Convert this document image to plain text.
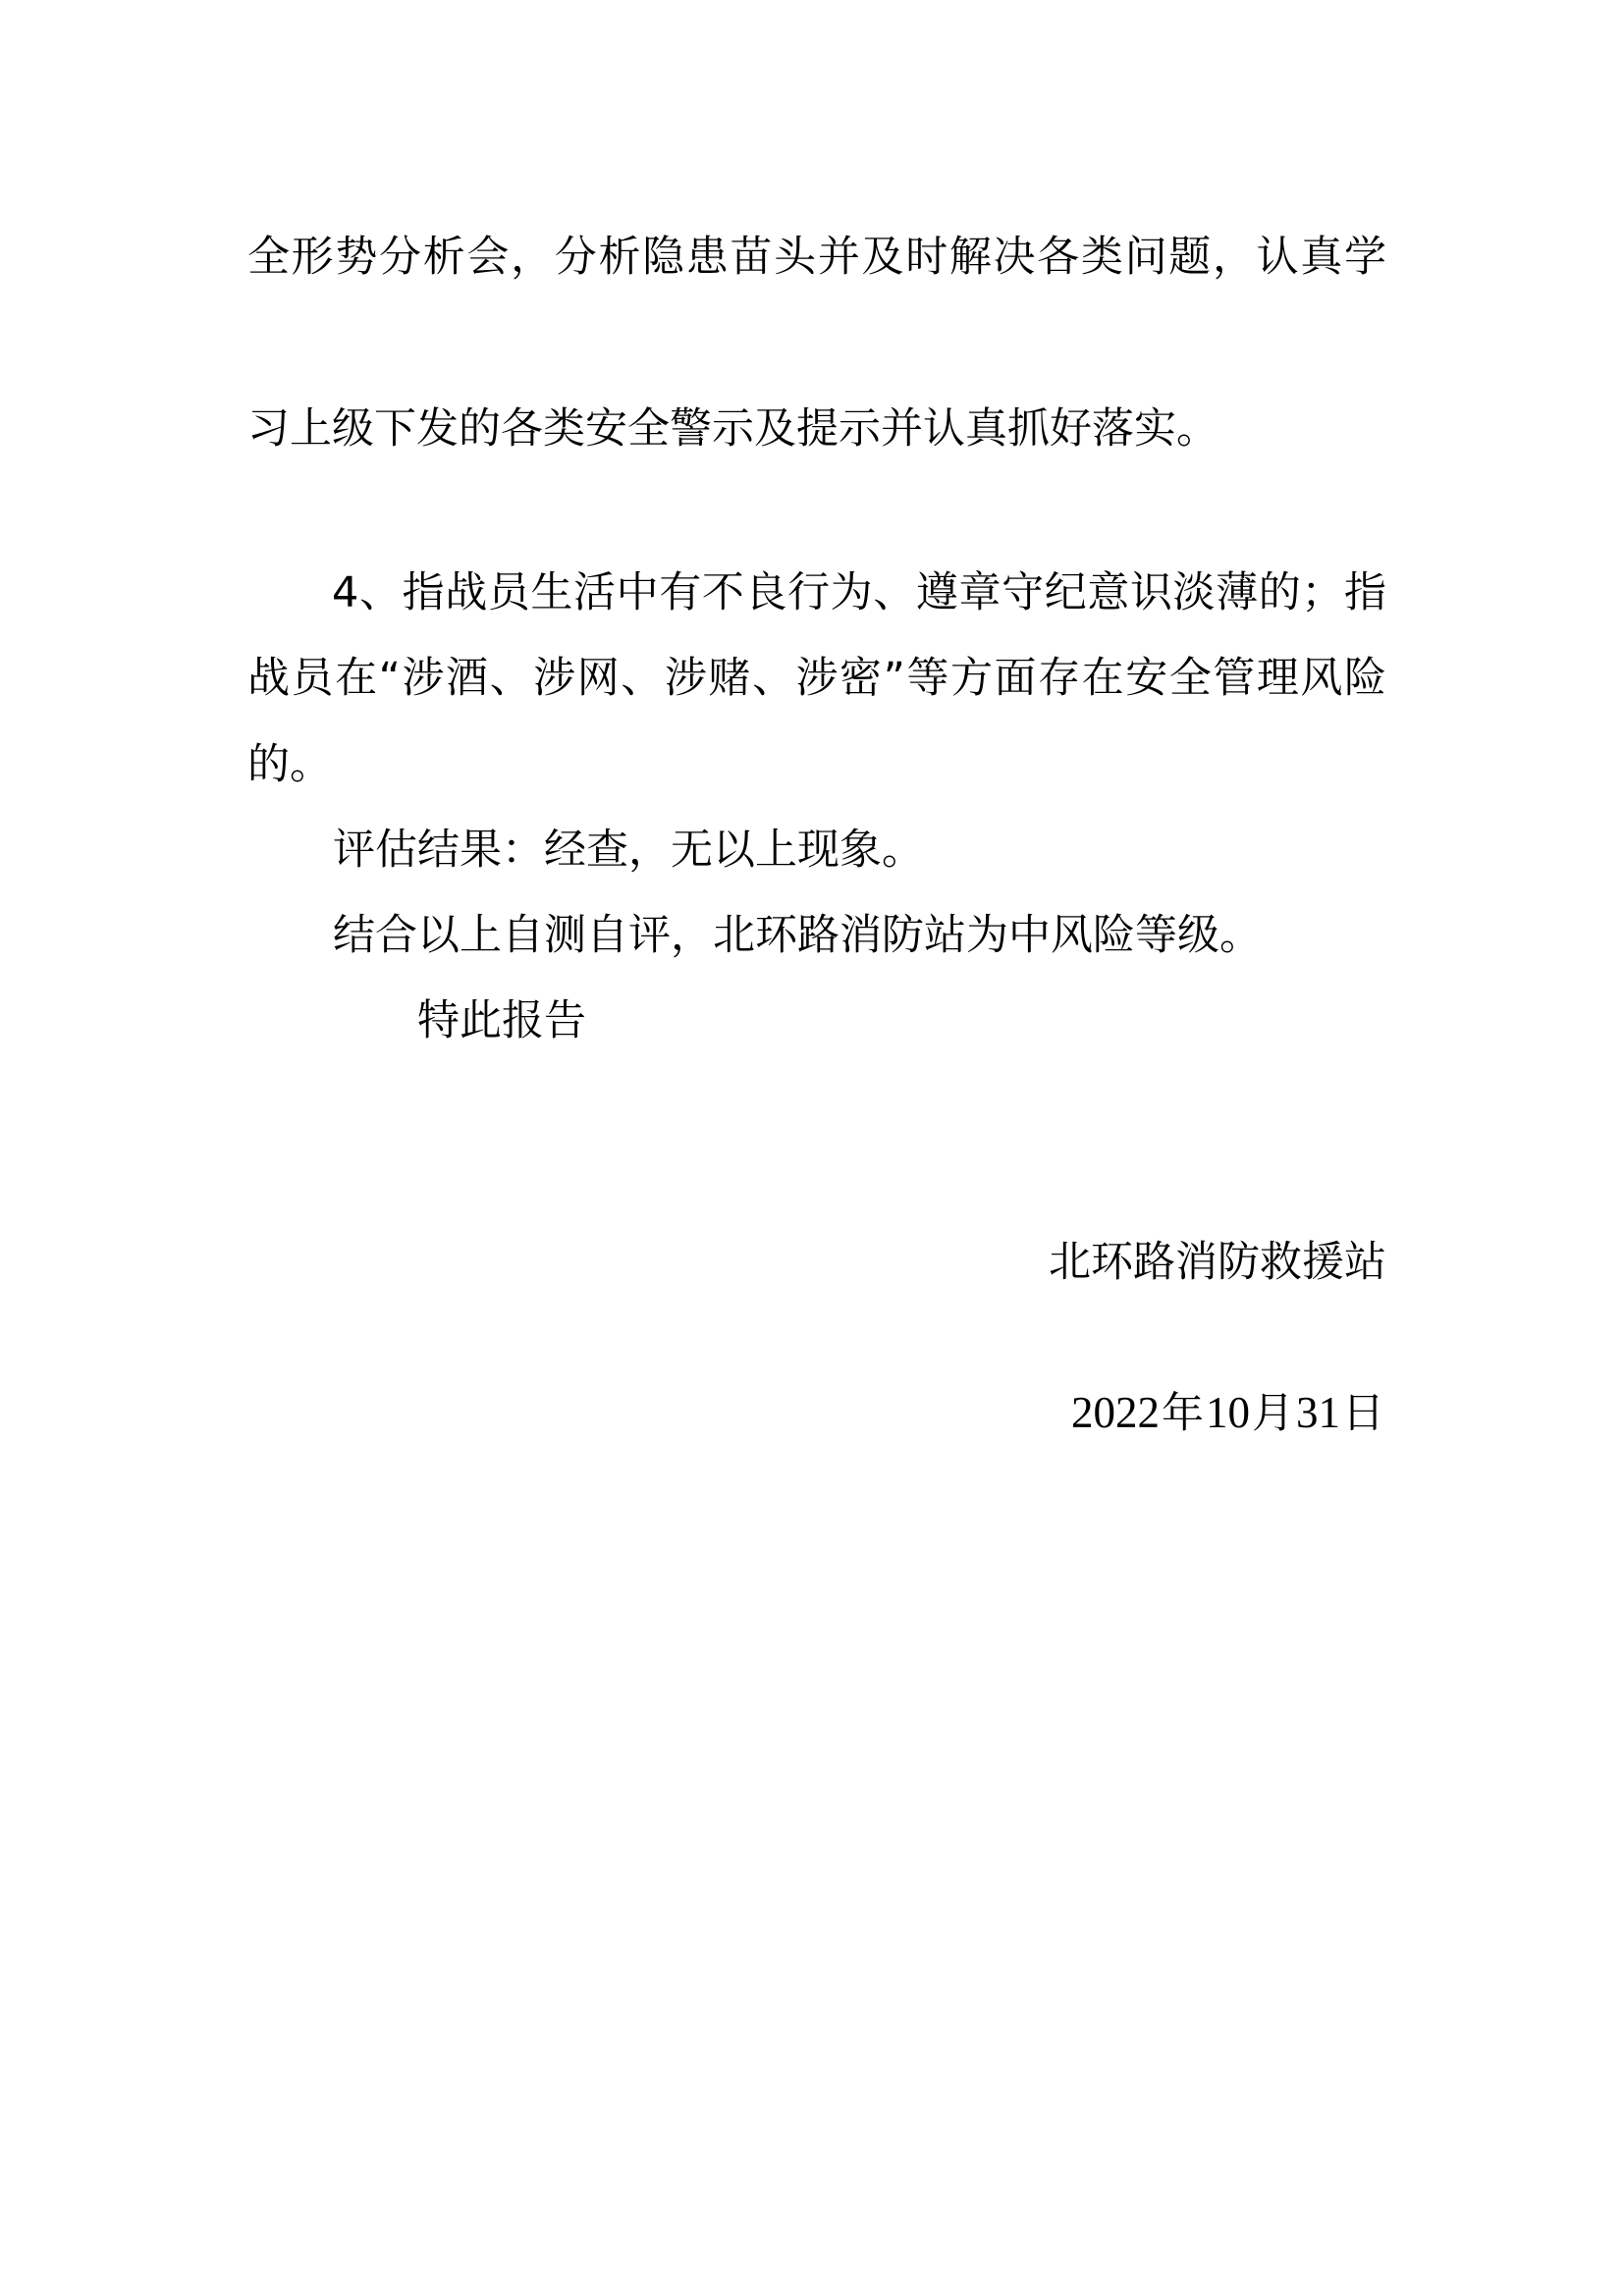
全形势分析会，分析隐患苗头并及时解决各类问题，认真学
习上级下发的各类安全警示及提示并认真抓好落实。
4、指战员生活中有不良行为、遵章守纪意识淡薄的；指
战员在“涉酒、涉网、涉赌、涉密”等方面存在安全管理风险
的。
评估结果：经查，无以上现象。
结合以上自测自评，北环路消防站为中风险等级。
特此报告
北环路消防救援站
2022年10月31日
